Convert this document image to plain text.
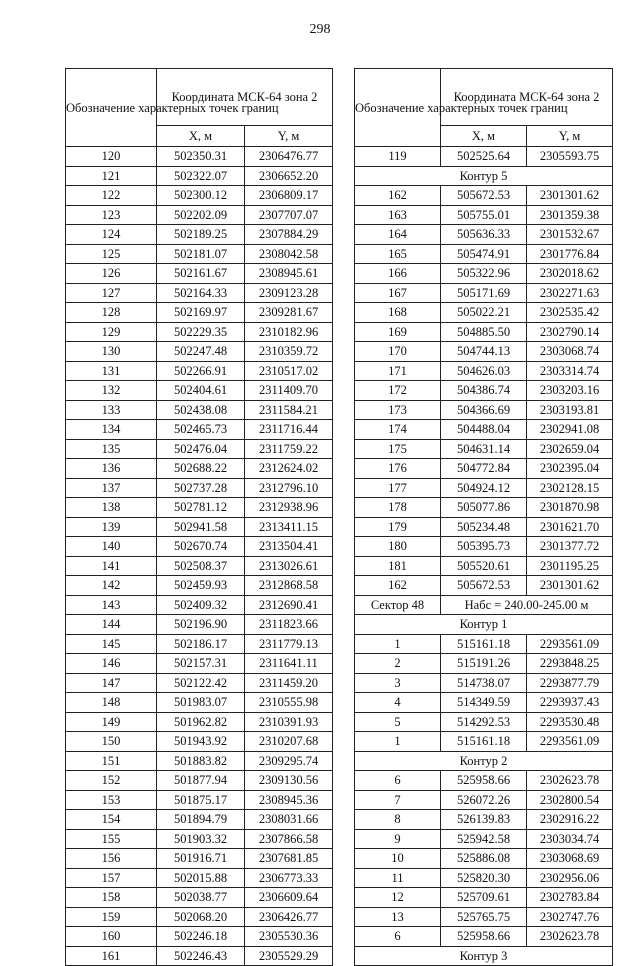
298
Обозначение характерных точек границ	Координата МСК-64 зона 2	
	X, м	Y, м
120	502350.31	2306476.77
121	502322.07	2306652.20
122	502300.12	2306809.17
123	502202.09	2307707.07
124	502189.25	2307884.29
125	502181.07	2308042.58
126	502161.67	2308945.61
127	502164.33	2309123.28
128	502169.97	2309281.67
129	502229.35	2310182.96
130	502247.48	2310359.72
131	502266.91	2310517.02
132	502404.61	2311409.70
133	502438.08	2311584.21
134	502465.73	2311716.44
135	502476.04	2311759.22
136	502688.22	2312624.02
137	502737.28	2312796.10
138	502781.12	2312938.96
139	502941.58	2313411.15
140	502670.74	2313504.41
141	502508.37	2313026.61
142	502459.93	2312868.58
143	502409.32	2312690.41
144	502196.90	2311823.66
145	502186.17	2311779.13
146	502157.31	2311641.11
147	502122.42	2311459.20
148	501983.07	2310555.98
149	501962.82	2310391.93
150	501943.92	2310207.68
151	501883.82	2309295.74
152	501877.94	2309130.56
153	501875.17	2308945.36
154	501894.79	2308031.66
155	501903.32	2307866.58
156	501916.71	2307681.85
157	502015.88	2306773.33
158	502038.77	2306609.64
159	502068.20	2306426.77
160	502246.18	2305530.36
161	502246.43	2305529.29
Обозначение характерных точек границ	Координата МСК-64 зона 2	
	X, м	Y, м
119	502525.64	2305593.75
Контур 5		
162	505672.53	2301301.62
163	505755.01	2301359.38
164	505636.33	2301532.67
165	505474.91	2301776.84
166	505322.96	2302018.62
167	505171.69	2302271.63
168	505022.21	2302535.42
169	504885.50	2302790.14
170	504744.13	2303068.74
171	504626.03	2303314.74
172	504386.74	2303203.16
173	504366.69	2303193.81
174	504488.04	2302941.08
175	504631.14	2302659.04
176	504772.84	2302395.04
177	504924.12	2302128.15
178	505077.86	2301870.98
179	505234.48	2301621.70
180	505395.73	2301377.72
181	505520.61	2301195.25
162	505672.53	2301301.62
Сектор 48	Набс = 240.00-245.00 м	
Контур 1		
1	515161.18	2293561.09
2	515191.26	2293848.25
3	514738.07	2293877.79
4	514349.59	2293937.43
5	514292.53	2293530.48
1	515161.18	2293561.09
Контур 2		
6	525958.66	2302623.78
7	526072.26	2302800.54
8	526139.83	2302916.22
9	525942.58	2303034.74
10	525886.08	2303068.69
11	525820.30	2302956.06
12	525709.61	2302783.84
13	525765.75	2302747.76
6	525958.66	2302623.78
Контур 3		
